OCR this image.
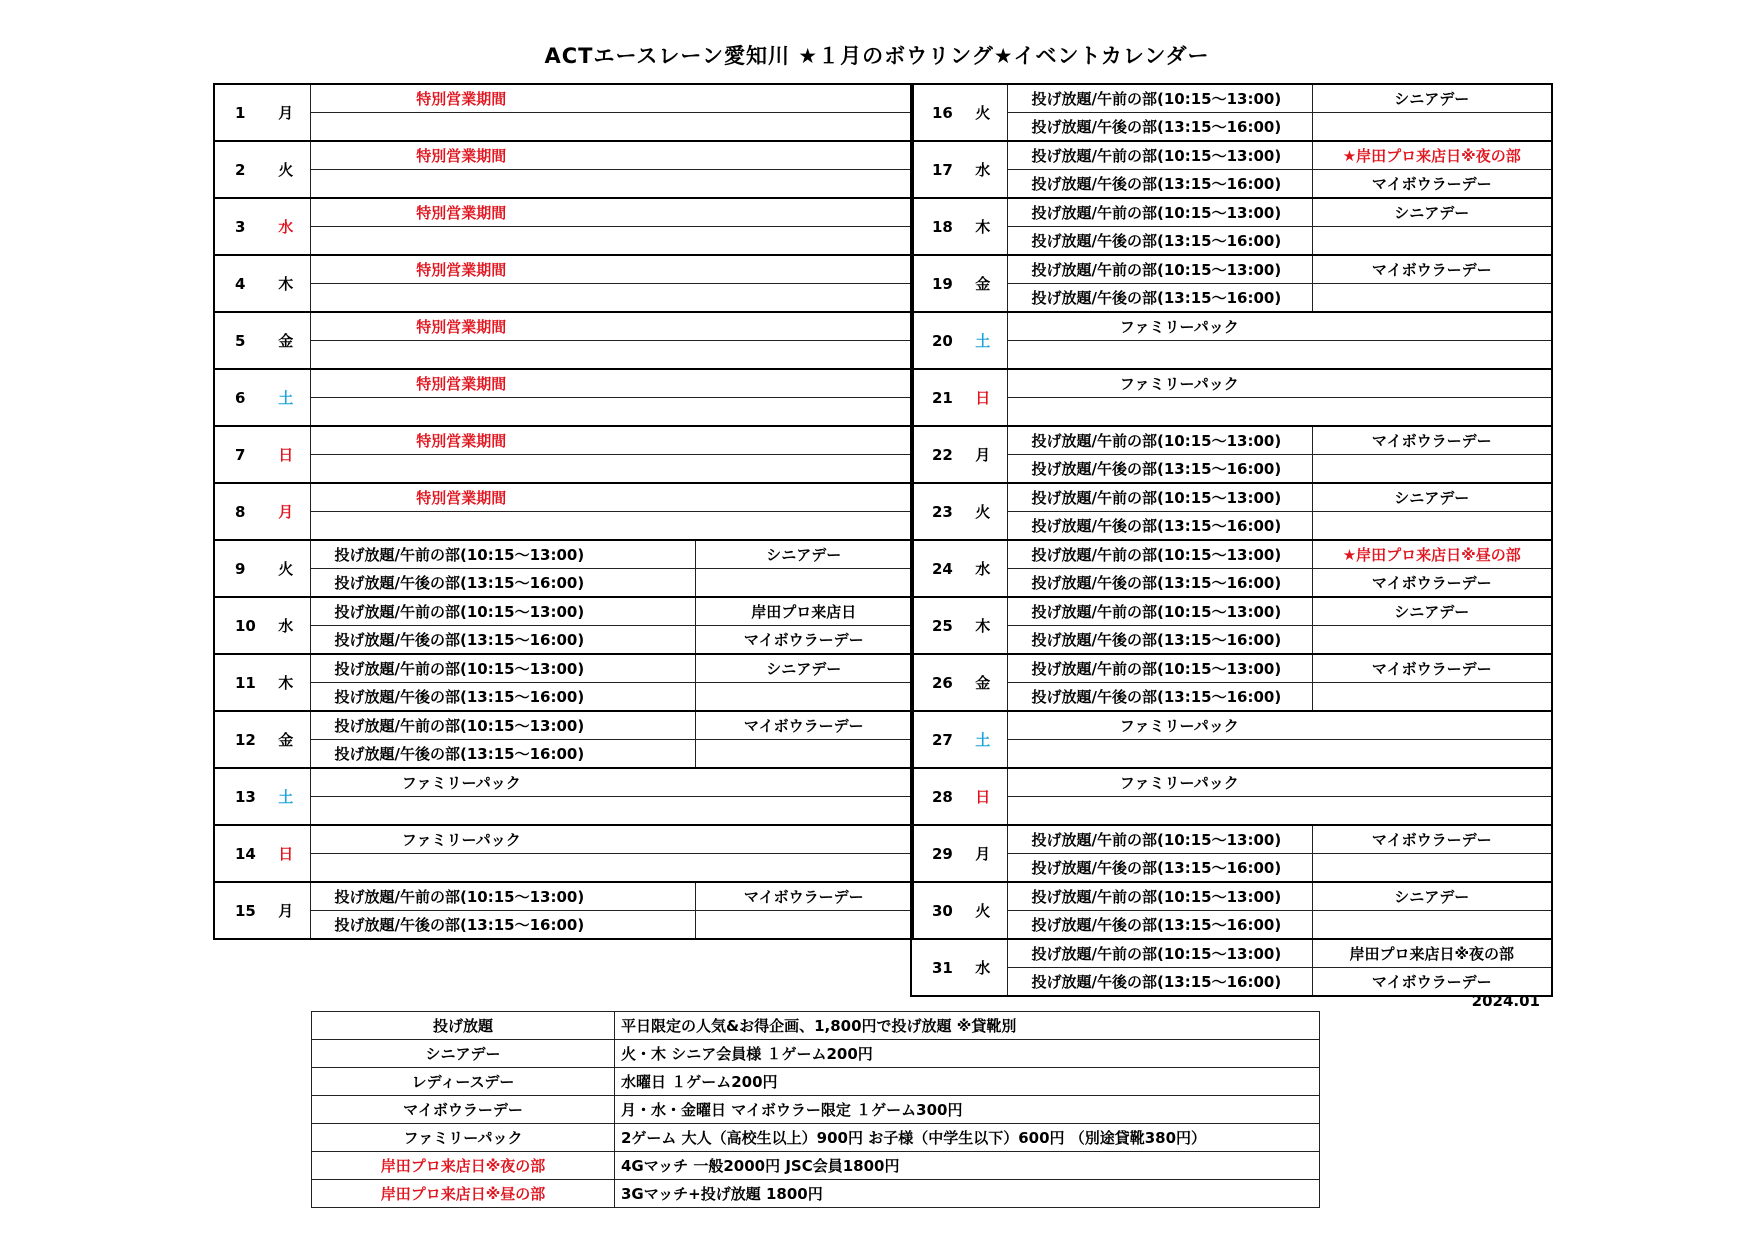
ACTエースレーン愛知川 ★１月のボウリング★イベントカレンダー
1	月	特別営業期間	

2	火	特別営業期間	

3	水	特別営業期間	

4	木	特別営業期間	

5	金	特別営業期間	

6	土	特別営業期間	

7	日	特別営業期間	

8	月	特別営業期間	

9	火	投げ放題/午前の部(10:15～13:00)	シニアデー
		投げ放題/午後の部(13:15～16:00)	
10	水	投げ放題/午前の部(10:15～13:00)	岸田プロ来店日
		投げ放題/午後の部(13:15～16:00)	マイボウラーデー
11	木	投げ放題/午前の部(10:15～13:00)	シニアデー
		投げ放題/午後の部(13:15～16:00)	
12	金	投げ放題/午前の部(10:15～13:00)	マイボウラーデー
		投げ放題/午後の部(13:15～16:00)	
13	土	ファミリーパック	

14	日	ファミリーパック	

15	月	投げ放題/午前の部(10:15～13:00)	マイボウラーデー
		投げ放題/午後の部(13:15～16:00)	
16	火	投げ放題/午前の部(10:15～13:00)	シニアデー
		投げ放題/午後の部(13:15～16:00)	
17	水	投げ放題/午前の部(10:15～13:00)	★岸田プロ来店日※夜の部
		投げ放題/午後の部(13:15～16:00)	マイボウラーデー
18	木	投げ放題/午前の部(10:15～13:00)	シニアデー
		投げ放題/午後の部(13:15～16:00)	
19	金	投げ放題/午前の部(10:15～13:00)	マイボウラーデー
		投げ放題/午後の部(13:15～16:00)	
20	土	ファミリーパック	

21	日	ファミリーパック	

22	月	投げ放題/午前の部(10:15～13:00)	マイボウラーデー
		投げ放題/午後の部(13:15～16:00)	
23	火	投げ放題/午前の部(10:15～13:00)	シニアデー
		投げ放題/午後の部(13:15～16:00)	
24	水	投げ放題/午前の部(10:15～13:00)	★岸田プロ来店日※昼の部
		投げ放題/午後の部(13:15～16:00)	マイボウラーデー
25	木	投げ放題/午前の部(10:15～13:00)	シニアデー
		投げ放題/午後の部(13:15～16:00)	
26	金	投げ放題/午前の部(10:15～13:00)	マイボウラーデー
		投げ放題/午後の部(13:15～16:00)	
27	土	ファミリーパック	

28	日	ファミリーパック	

29	月	投げ放題/午前の部(10:15～13:00)	マイボウラーデー
		投げ放題/午後の部(13:15～16:00)	
30	火	投げ放題/午前の部(10:15～13:00)	シニアデー
		投げ放題/午後の部(13:15～16:00)	
31	水	投げ放題/午前の部(10:15～13:00)	岸田プロ来店日※夜の部
		投げ放題/午後の部(13:15～16:00)	マイボウラーデー
2024.01
投げ放題	平日限定の人気&お得企画、1,800円で投げ放題 ※貸靴別
シニアデー	火・木 シニア会員様 １ゲーム200円
レディースデー	水曜日 １ゲーム200円
マイボウラーデー	月・水・金曜日 マイボウラー限定 １ゲーム300円
ファミリーパック	2ゲーム 大人（高校生以上）900円 お子様（中学生以下）600円 （別途貸靴380円）
岸田プロ来店日※夜の部	4Gマッチ 一般2000円 JSC会員1800円
岸田プロ来店日※昼の部	3Gマッチ+投げ放題 1800円
